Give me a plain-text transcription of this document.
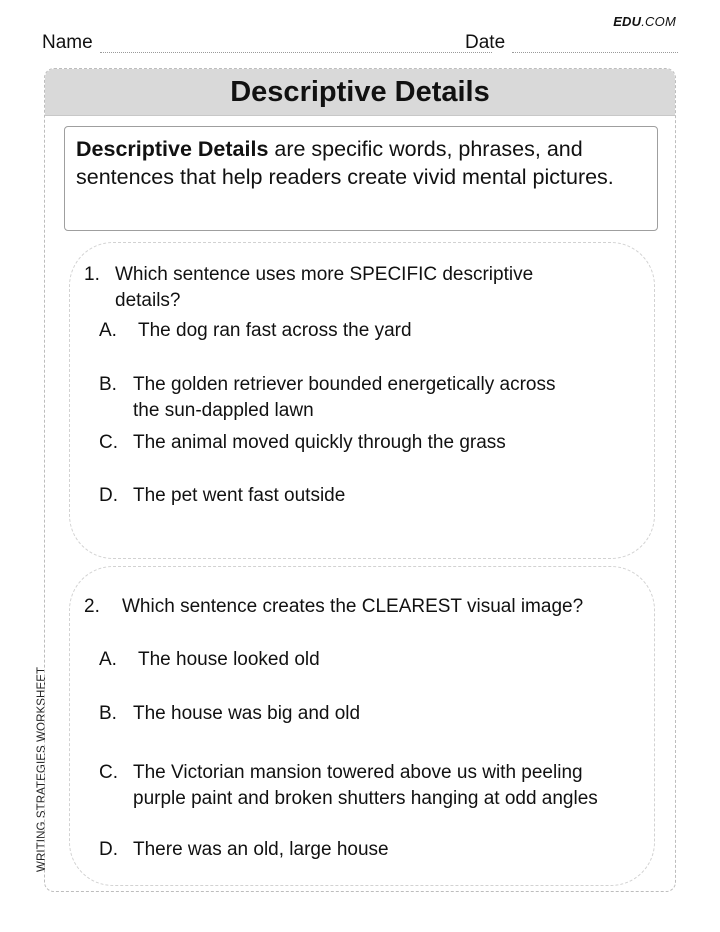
EDU.COM
Name	Date
WRITING STRATEGIES WORKSHEET
Descriptive Details
Descriptive Details are specific words, phrases, and sentences that help readers create vivid mental pictures.
1. Which sentence uses more SPECIFIC descriptive
details?
A. The dog ran fast across the yard
B. The golden retriever bounded energetically across
the sun-dappled lawn
C. The animal moved quickly through the grass
D. The pet went fast outside
2. Which sentence creates the CLEAREST visual image?
A. The house looked old
B. The house was big and old
C. The Victorian mansion towered above us with peeling
purple paint and broken shutters hanging at odd angles
D. There was an old, large house
